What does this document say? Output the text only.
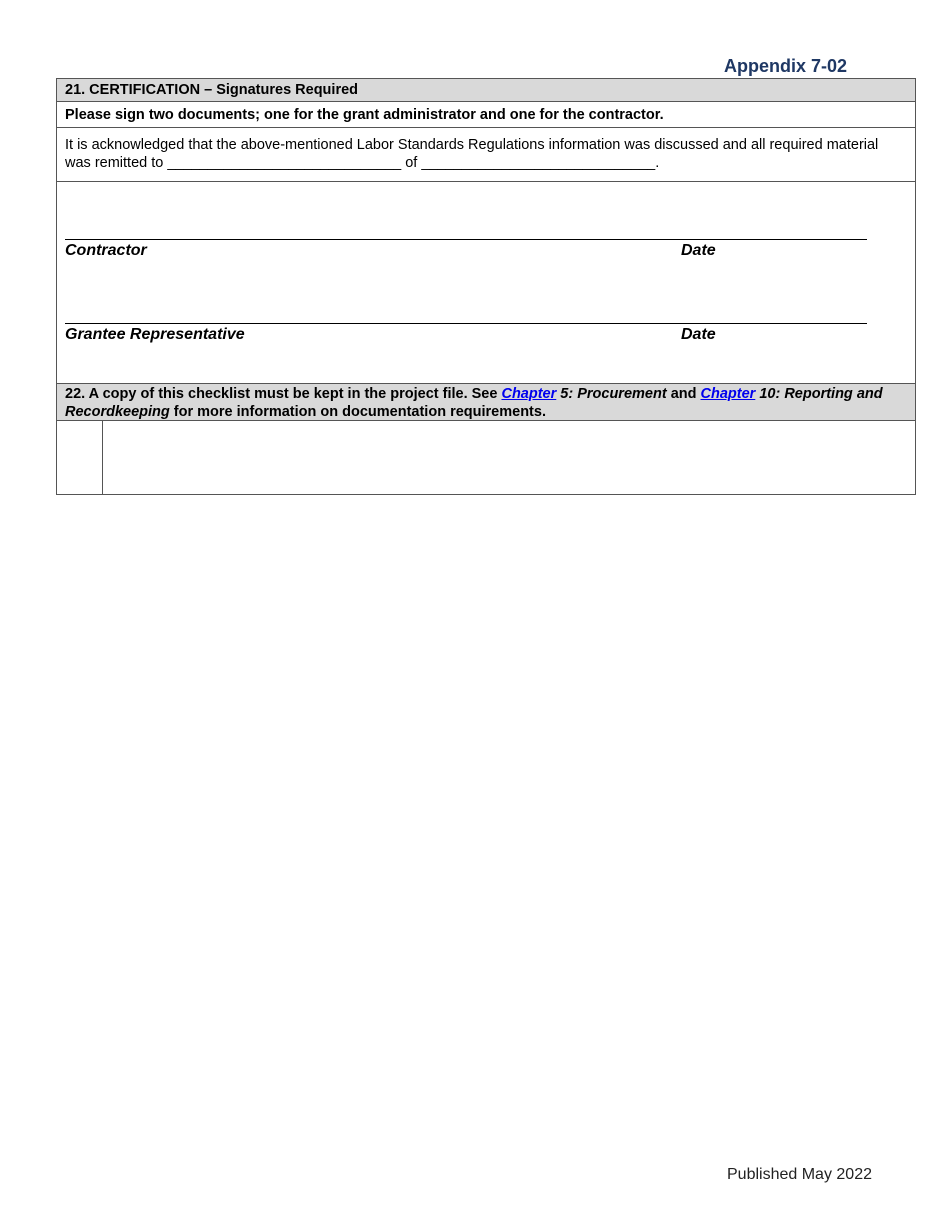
Appendix 7-02
21. CERTIFICATION – Signatures Required
Please sign two documents; one for the grant administrator and one for the contractor.
It is acknowledged that the above-mentioned Labor Standards Regulations information was discussed and all required material was remitted to _____________________________ of _____________________________.
Contractor	Date
Grantee Representative	Date
22. A copy of this checklist must be kept in the project file. See Chapter 5: Procurement and Chapter 10: Reporting and Recordkeeping for more information on documentation requirements.
Published May 2022
